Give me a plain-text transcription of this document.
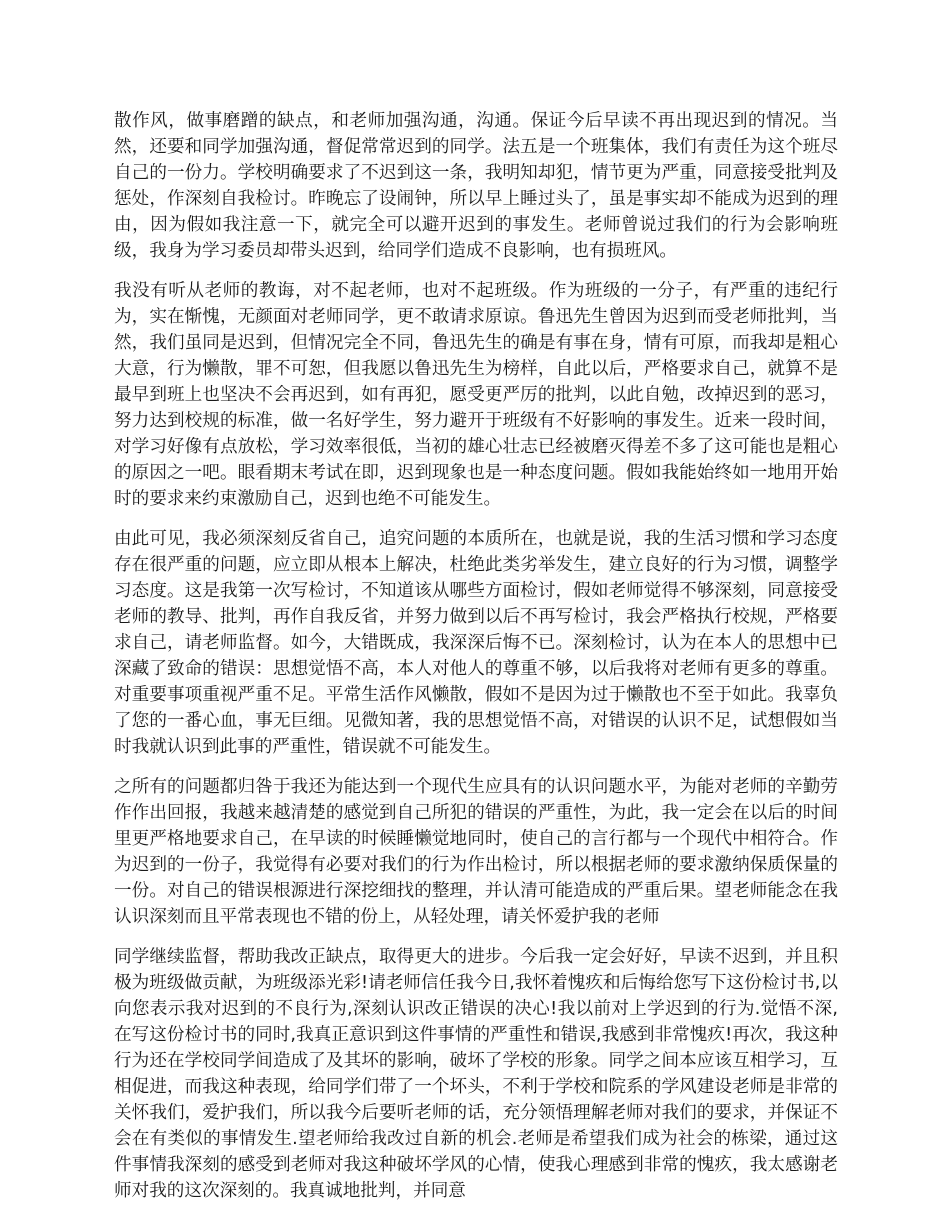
散作风，做事磨蹭的缺点，和老师加强沟通，沟通。保证今后早读不再出现迟到的情况。当然，还要和同学加强沟通，督促常常迟到的同学。法五是一个班集体，我们有责任为这个班尽自己的一份力。学校明确要求了不迟到这一条，我明知却犯，情节更为严重，同意接受批判及惩处，作深刻自我检讨。昨晚忘了设闹钟，所以早上睡过头了，虽是事实却不能成为迟到的理由，因为假如我注意一下，就完全可以避开迟到的事发生。老师曾说过我们的行为会影响班级，我身为学习委员却带头迟到，给同学们造成不良影响，也有损班风。

我没有听从老师的教诲，对不起老师，也对不起班级。作为班级的一分子，有严重的违纪行为，实在惭愧，无颜面对老师同学，更不敢请求原谅。鲁迅先生曾因为迟到而受老师批判，当然，我们虽同是迟到，但情况完全不同，鲁迅先生的确是有事在身，情有可原，而我却是粗心大意，行为懒散，罪不可恕，但我愿以鲁迅先生为榜样，自此以后，严格要求自己，就算不是最早到班上也坚决不会再迟到，如有再犯，愿受更严厉的批判，以此自勉，改掉迟到的恶习，努力达到校规的标准，做一名好学生，努力避开于班级有不好影响的事发生。近来一段时间，对学习好像有点放松，学习效率很低，当初的雄心壮志已经被磨灭得差不多了这可能也是粗心的原因之一吧。眼看期末考试在即，迟到现象也是一种态度问题。假如我能始终如一地用开始时的要求来约束激励自己，迟到也绝不可能发生。

由此可见，我必须深刻反省自己，追究问题的本质所在，也就是说，我的生活习惯和学习态度存在很严重的问题，应立即从根本上解决，杜绝此类劣举发生，建立良好的行为习惯，调整学习态度。这是我第一次写检讨，不知道该从哪些方面检讨，假如老师觉得不够深刻，同意接受老师的教导、批判，再作自我反省，并努力做到以后不再写检讨，我会严格执行校规，严格要求自己，请老师监督。如今，大错既成，我深深后悔不已。深刻检讨，认为在本人的思想中已深藏了致命的错误：思想觉悟不高，本人对他人的尊重不够，以后我将对老师有更多的尊重。对重要事项重视严重不足。平常生活作风懒散，假如不是因为过于懒散也不至于如此。我辜负了您的一番心血，事无巨细。见微知著，我的思想觉悟不高，对错误的认识不足，试想假如当时我就认识到此事的严重性，错误就不可能发生。

之所有的问题都归咎于我还为能达到一个现代生应具有的认识问题水平，为能对老师的辛勤劳作作出回报，我越来越清楚的感觉到自己所犯的错误的严重性，为此，我一定会在以后的时间里更严格地要求自己，在早读的时候睡懒觉地同时，使自己的言行都与一个现代中相符合。作为迟到的一份子，我觉得有必要对我们的行为作出检讨，所以根据老师的要求激纳保质保量的一份。对自己的错误根源进行深挖细找的整理，并认清可能造成的严重后果。望老师能念在我认识深刻而且平常表现也不错的份上，从轻处理，请关怀爱护我的老师

同学继续监督，帮助我改正缺点，取得更大的进步。今后我一定会好好，早读不迟到，并且积极为班级做贡献，为班级添光彩!请老师信任我今日,我怀着愧疚和后悔给您写下这份检讨书,以向您表示我对迟到的不良行为,深刻认识改正错误的决心!我以前对上学迟到的行为.觉悟不深,在写这份检讨书的同时,我真正意识到这件事情的严重性和错误,我感到非常愧疚!再次，我这种行为还在学校同学间造成了及其坏的影响，破坏了学校的形象。同学之间本应该互相学习，互相促进，而我这种表现，给同学们带了一个坏头，不利于学校和院系的学风建设老师是非常的关怀我们，爱护我们，所以我今后要听老师的话，充分领悟理解老师对我们的要求，并保证不会在有类似的事情发生.望老师给我改过自新的机会.老师是希望我们成为社会的栋梁，通过这件事情我深刻的感受到老师对我这种破坏学风的心情，使我心理感到非常的愧疚，我太感谢老师对我的这次深刻的。我真诚地批判，并同意
